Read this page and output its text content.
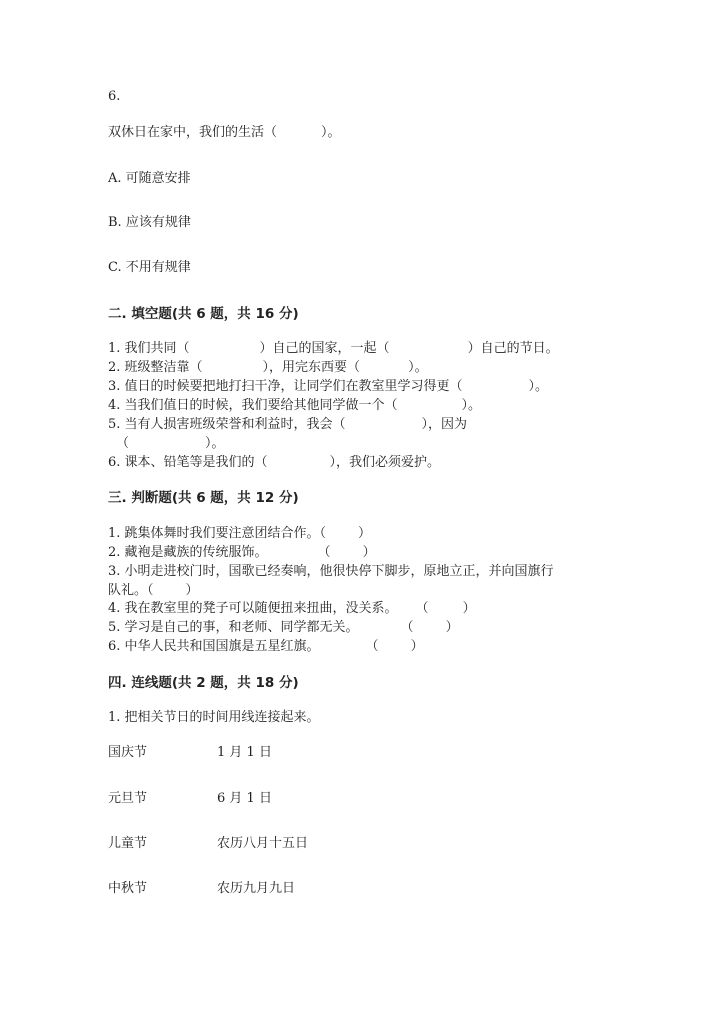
6.
双休日在家中，我们的生活（	）。
A. 可随意安排
B. 应该有规律
C. 不用有规律
二. 填空题(共 6 题，共 16 分)
1. 我们共同（	）自己的国家，一起（	）自己的节日。
2. 班级整洁靠（	），用完东西要（	）。
3. 值日的时候要把地打扫干净，让同学们在教室里学习得更（	）。
4. 当我们值日的时候，我们要给其他同学做一个（	）。
5. 当有人损害班级荣誉和利益时，我会（	），因为
（	）。
6. 课本、铅笔等是我们的（	），我们必须爱护。
三. 判断题(共 6 题，共 12 分)
1. 跳集体舞时我们要注意团结合作。（ ）
2. 藏袍是藏族的传统服饰。	（ ）
3. 小明走进校门时，国歌已经奏响，他很快停下脚步，原地立正，并向国旗行
队礼。（ ）
4. 我在教室里的凳子可以随便扭来扭曲，没关系。 （	）
5. 学习是自己的事，和老师、同学都无关。	（ ）
6. 中华人民共和国国旗是五星红旗。	（ ）
四. 连线题(共 2 题，共 18 分)
1. 把相关节日的时间用线连接起来。
国庆节	1 月 1 日
元旦节	6 月 1 日
儿童节	农历八月十五日
中秋节	农历九月九日
